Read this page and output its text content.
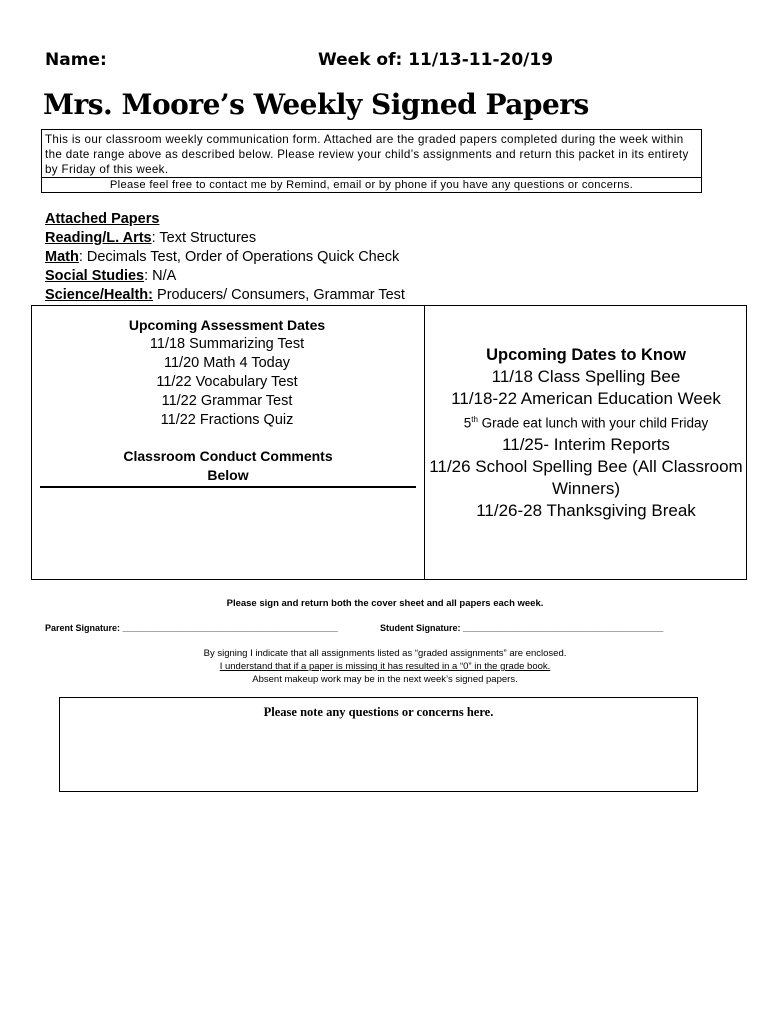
Name:	Week of: 11/13-11-20/19
Mrs. Moore’s Weekly Signed Papers
This is our classroom weekly communication form. Attached are the graded papers completed during the week within the date range above as described below. Please review your child’s assignments and return this packet in its entirety by Friday of this week.
Please feel free to contact me by Remind, email or by phone if you have any questions or concerns.
Attached Papers
Reading/L. Arts: Text Structures
Math: Decimals Test, Order of Operations Quick Check
Social Studies: N/A
Science/Health: Producers/ Consumers, Grammar Test
Upcoming Assessment Dates
11/18 Summarizing Test
11/20 Math 4 Today
11/22 Vocabulary Test
11/22 Grammar Test
11/22 Fractions Quiz
Classroom Conduct Comments
Below
Upcoming Dates to Know
11/18 Class Spelling Bee
11/18-22 American Education Week
5th Grade eat lunch with your child Friday
11/25- Interim Reports
11/26 School Spelling Bee (All Classroom Winners)
11/26-28 Thanksgiving Break
Please sign and return both the cover sheet and all papers each week.
Parent Signature: ___________________________________________	Student Signature: ________________________________________
By signing I indicate that all assignments listed as “graded assignments” are enclosed.
I understand that if a paper is missing it has resulted in a “0” in the grade book.
Absent makeup work may be in the next week’s signed papers.
Please note any questions or concerns here.
